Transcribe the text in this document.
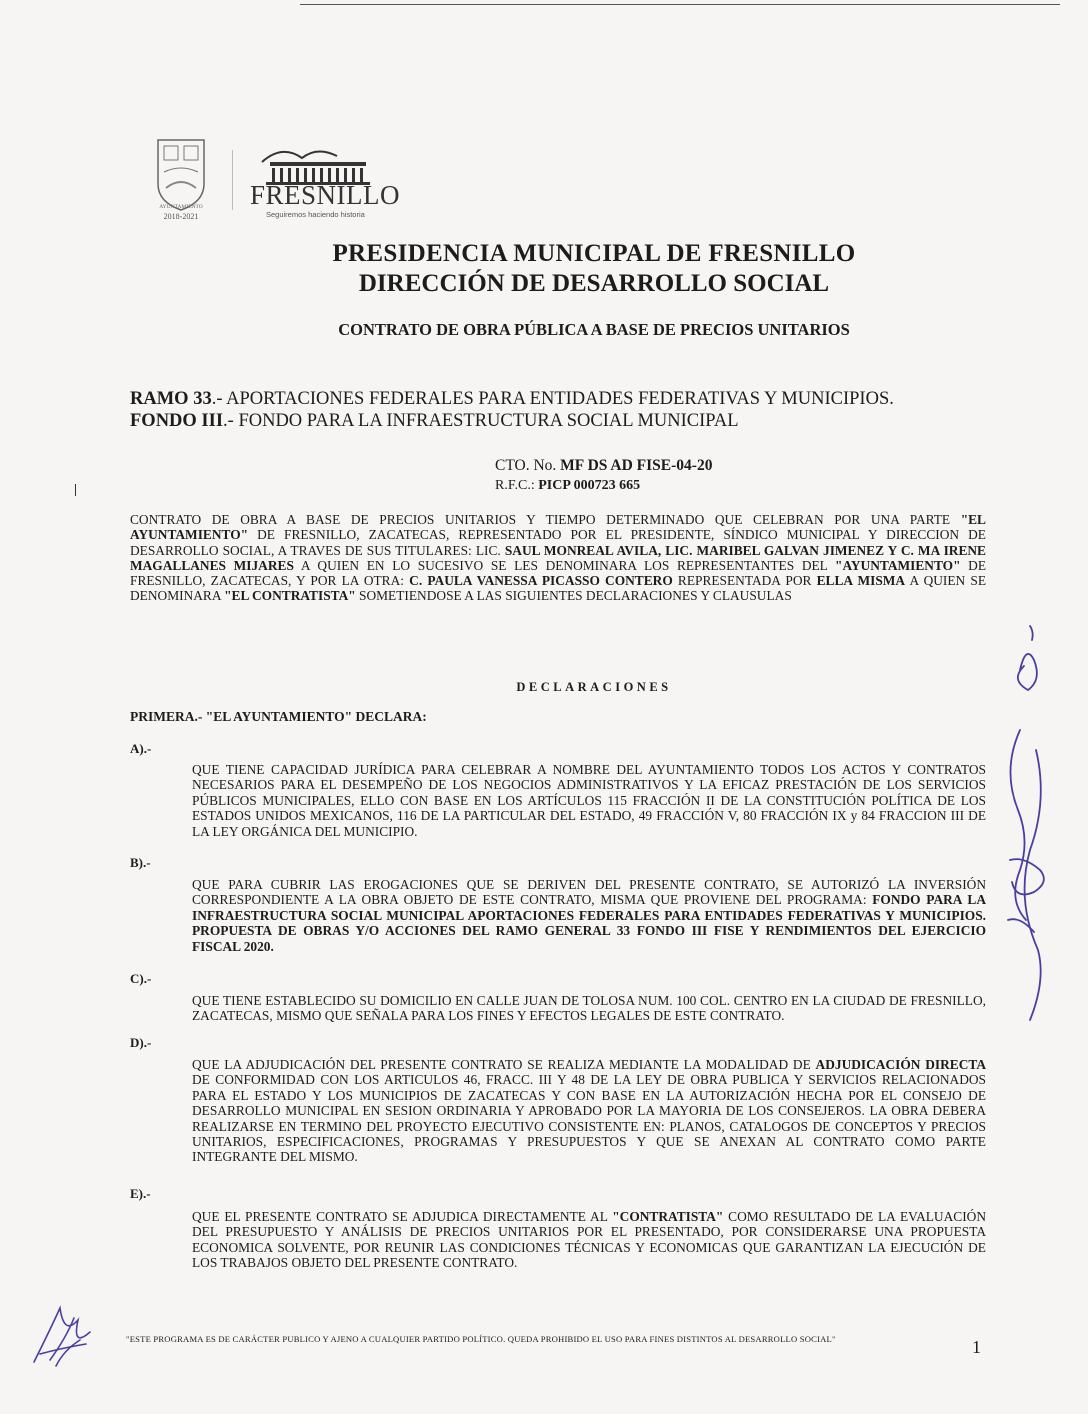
AYUNTAMIENTO
2018-2021
FRESNILLO
Seguiremos haciendo historia
PRESIDENCIA MUNICIPAL DE FRESNILLO
DIRECCIÓN DE DESARROLLO SOCIAL
CONTRATO DE OBRA PÚBLICA A BASE DE PRECIOS UNITARIOS
RAMO 33.- APORTACIONES FEDERALES PARA ENTIDADES FEDERATIVAS Y MUNICIPIOS.
FONDO III.- FONDO PARA LA INFRAESTRUCTURA SOCIAL MUNICIPAL
CTO. No. MF DS AD FISE-04-20
R.F.C.: PICP 000723 665
CONTRATO DE OBRA A BASE DE PRECIOS UNITARIOS Y TIEMPO DETERMINADO QUE CELEBRAN POR UNA PARTE "EL AYUNTAMIENTO" DE FRESNILLO, ZACATECAS, REPRESENTADO POR EL PRESIDENTE, SÍNDICO MUNICIPAL Y DIRECCION DE DESARROLLO SOCIAL, A TRAVES DE SUS TITULARES: LIC. SAUL MONREAL AVILA, LIC. MARIBEL GALVAN JIMENEZ Y C. MA IRENE MAGALLANES MIJARES A QUIEN EN LO SUCESIVO SE LES DENOMINARA LOS REPRESENTANTES DEL "AYUNTAMIENTO" DE FRESNILLO, ZACATECAS, Y POR LA OTRA: C. PAULA VANESSA PICASSO CONTERO REPRESENTADA POR ELLA MISMA A QUIEN SE DENOMINARA "EL CONTRATISTA" SOMETIENDOSE A LAS SIGUIENTES DECLARACIONES Y CLAUSULAS
DECLARACIONES
PRIMERA.- "EL AYUNTAMIENTO" DECLARA:
A).-
QUE TIENE CAPACIDAD JURÍDICA PARA CELEBRAR A NOMBRE DEL AYUNTAMIENTO TODOS LOS ACTOS Y CONTRATOS NECESARIOS PARA EL DESEMPEÑO DE LOS NEGOCIOS ADMINISTRATIVOS Y LA EFICAZ PRESTACIÓN DE LOS SERVICIOS PÚBLICOS MUNICIPALES, ELLO CON BASE EN LOS ARTÍCULOS 115 FRACCIÓN II DE LA CONSTITUCIÓN POLÍTICA DE LOS ESTADOS UNIDOS MEXICANOS, 116 DE LA PARTICULAR DEL ESTADO, 49 FRACCIÓN V, 80 FRACCIÓN IX y 84 FRACCION III DE LA LEY ORGÁNICA DEL MUNICIPIO.
B).-
QUE PARA CUBRIR LAS EROGACIONES QUE SE DERIVEN DEL PRESENTE CONTRATO, SE AUTORIZÓ LA INVERSIÓN CORRESPONDIENTE A LA OBRA OBJETO DE ESTE CONTRATO, MISMA QUE PROVIENE DEL PROGRAMA: FONDO PARA LA INFRAESTRUCTURA SOCIAL MUNICIPAL APORTACIONES FEDERALES PARA ENTIDADES FEDERATIVAS Y MUNICIPIOS. PROPUESTA DE OBRAS Y/O ACCIONES DEL RAMO GENERAL 33 FONDO III FISE Y RENDIMIENTOS DEL EJERCICIO FISCAL 2020.
C).-
QUE TIENE ESTABLECIDO SU DOMICILIO EN CALLE JUAN DE TOLOSA NUM. 100 COL. CENTRO EN LA CIUDAD DE FRESNILLO, ZACATECAS, MISMO QUE SEÑALA PARA LOS FINES Y EFECTOS LEGALES DE ESTE CONTRATO.
D).-
QUE LA ADJUDICACIÓN DEL PRESENTE CONTRATO SE REALIZA MEDIANTE LA MODALIDAD DE ADJUDICACIÓN DIRECTA DE CONFORMIDAD CON LOS ARTICULOS 46, FRACC. III Y 48 DE LA LEY DE OBRA PUBLICA Y SERVICIOS RELACIONADOS PARA EL ESTADO Y LOS MUNICIPIOS DE ZACATECAS Y CON BASE EN LA AUTORIZACIÓN HECHA POR EL CONSEJO DE DESARROLLO MUNICIPAL EN SESION ORDINARIA Y APROBADO POR LA MAYORIA DE LOS CONSEJEROS. LA OBRA DEBERA REALIZARSE EN TERMINO DEL PROYECTO EJECUTIVO CONSISTENTE EN: PLANOS, CATALOGOS DE CONCEPTOS Y PRECIOS UNITARIOS, ESPECIFICACIONES, PROGRAMAS Y PRESUPUESTOS Y QUE SE ANEXAN AL CONTRATO COMO PARTE INTEGRANTE DEL MISMO.
E).-
QUE EL PRESENTE CONTRATO SE ADJUDICA DIRECTAMENTE AL "CONTRATISTA" COMO RESULTADO DE LA EVALUACIÓN DEL PRESUPUESTO Y ANÁLISIS DE PRECIOS UNITARIOS POR EL PRESENTADO, POR CONSIDERARSE UNA PROPUESTA ECONOMICA SOLVENTE, POR REUNIR LAS CONDICIONES TÉCNICAS Y ECONOMICAS QUE GARANTIZAN LA EJECUCIÓN DE LOS TRABAJOS OBJETO DEL PRESENTE CONTRATO.
"ESTE PROGRAMA ES DE CARÁCTER PUBLICO Y AJENO A CUALQUIER PARTIDO POLÍTICO. QUEDA PROHIBIDO EL USO PARA FINES DISTINTOS AL DESARROLLO SOCIAL"	1
